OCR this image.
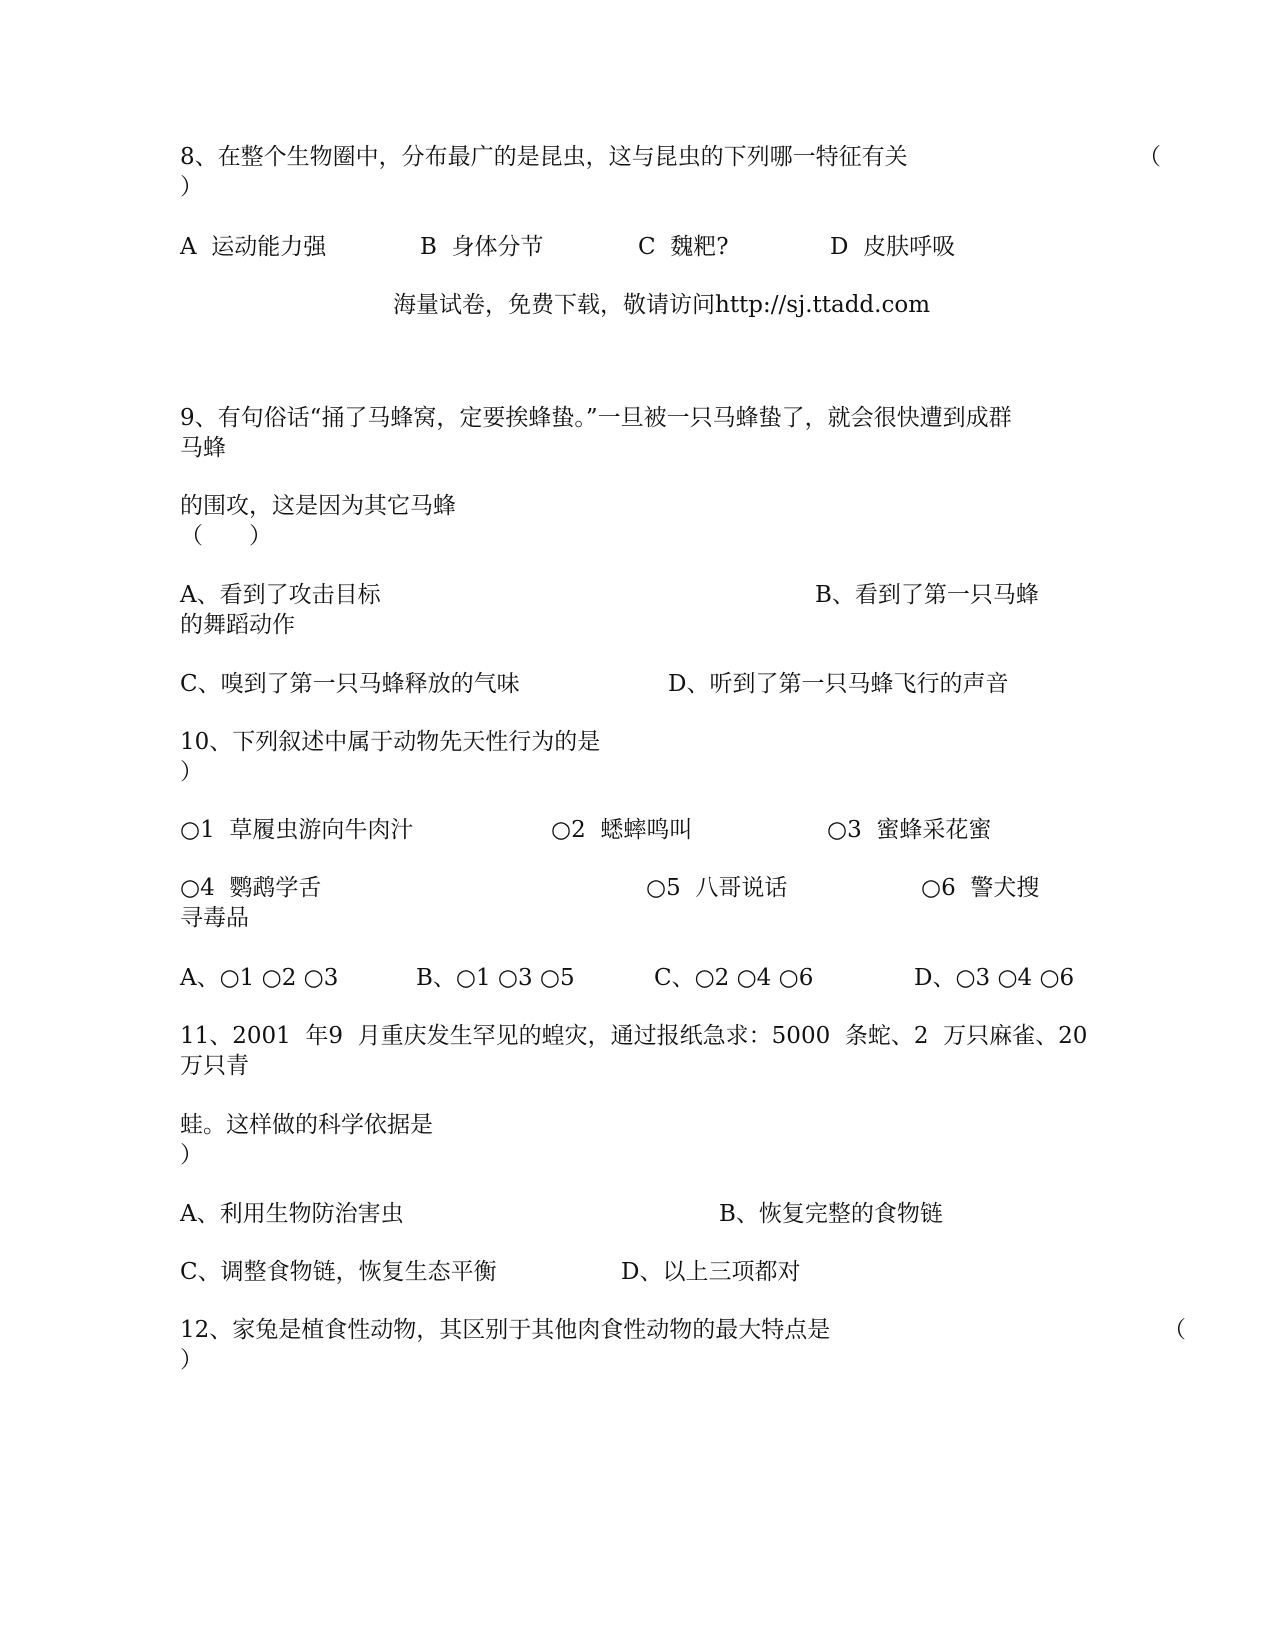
8、在整个生物圈中，分布最广的是昆虫，这与昆虫的下列哪一特征有关	（
）
A  运动能力强	B  身体分节	C  魏粑?	D  皮肤呼吸
海量试卷，免费下载，敬请访问http://sj.ttadd.com
9、有句俗话“捅了马蜂窝，定要挨蜂蛰。”一旦被一只马蜂蛰了，就会很快遭到成群
马蜂
的围攻，这是因为其它马蜂
（　　）
A、看到了攻击目标	B、看到了第一只马蜂
的舞蹈动作
C、嗅到了第一只马蜂释放的气味	D、听到了第一只马蜂飞行的声音
10、下列叙述中属于动物先天性行为的是
）
○1  草履虫游向牛肉汁	○2  蟋蟀鸣叫	○3  蜜蜂采花蜜
○4  鹦鹉学舌	○5  八哥说话	○6  警犬搜
寻毒品
A、○1 ○2 ○3	B、○1 ○3 ○5	C、○2 ○4 ○6	D、○3 ○4 ○6
11、2001  年9  月重庆发生罕见的蝗灾，通过报纸急求：5000  条蛇、2  万只麻雀、20
万只青
蛙。这样做的科学依据是
）
A、利用生物防治害虫	B、恢复完整的食物链
C、调整食物链，恢复生态平衡	D、以上三项都对
12、家兔是植食性动物，其区别于其他肉食性动物的最大特点是	（
）
